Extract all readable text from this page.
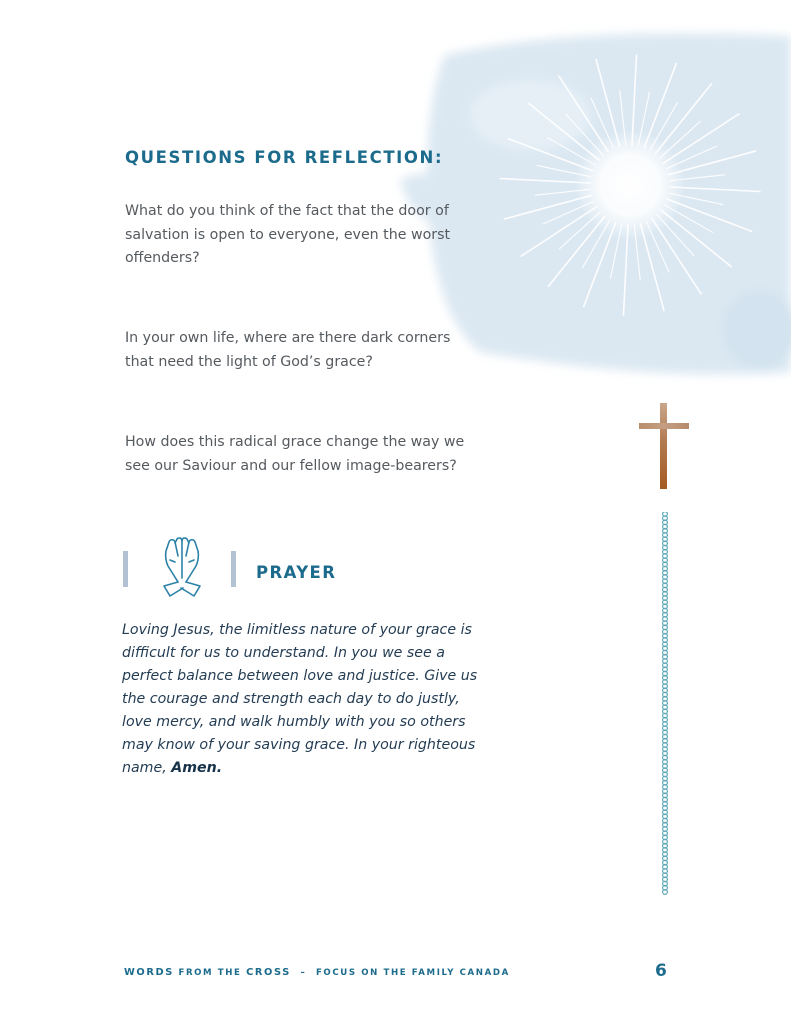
QUESTIONS FOR REFLECTION:

What do you think of the fact that the door of salvation is open to everyone, even the worst offenders?

In your own life, where are there dark corners that need the light of God’s grace?

How does this radical grace change the way we see our Saviour and our fellow image-bearers?

PRAYER

Loving Jesus, the limitless nature of your grace is difficult for us to understand. In you we see a perfect balance between love and justice. Give us the courage and strength each day to do justly, love mercy, and walk humbly with you so others may know of your saving grace. In your righteous name, Amen.

WORDS FROM THE CROSS – FOCUS ON THE FAMILY CANADA	6
